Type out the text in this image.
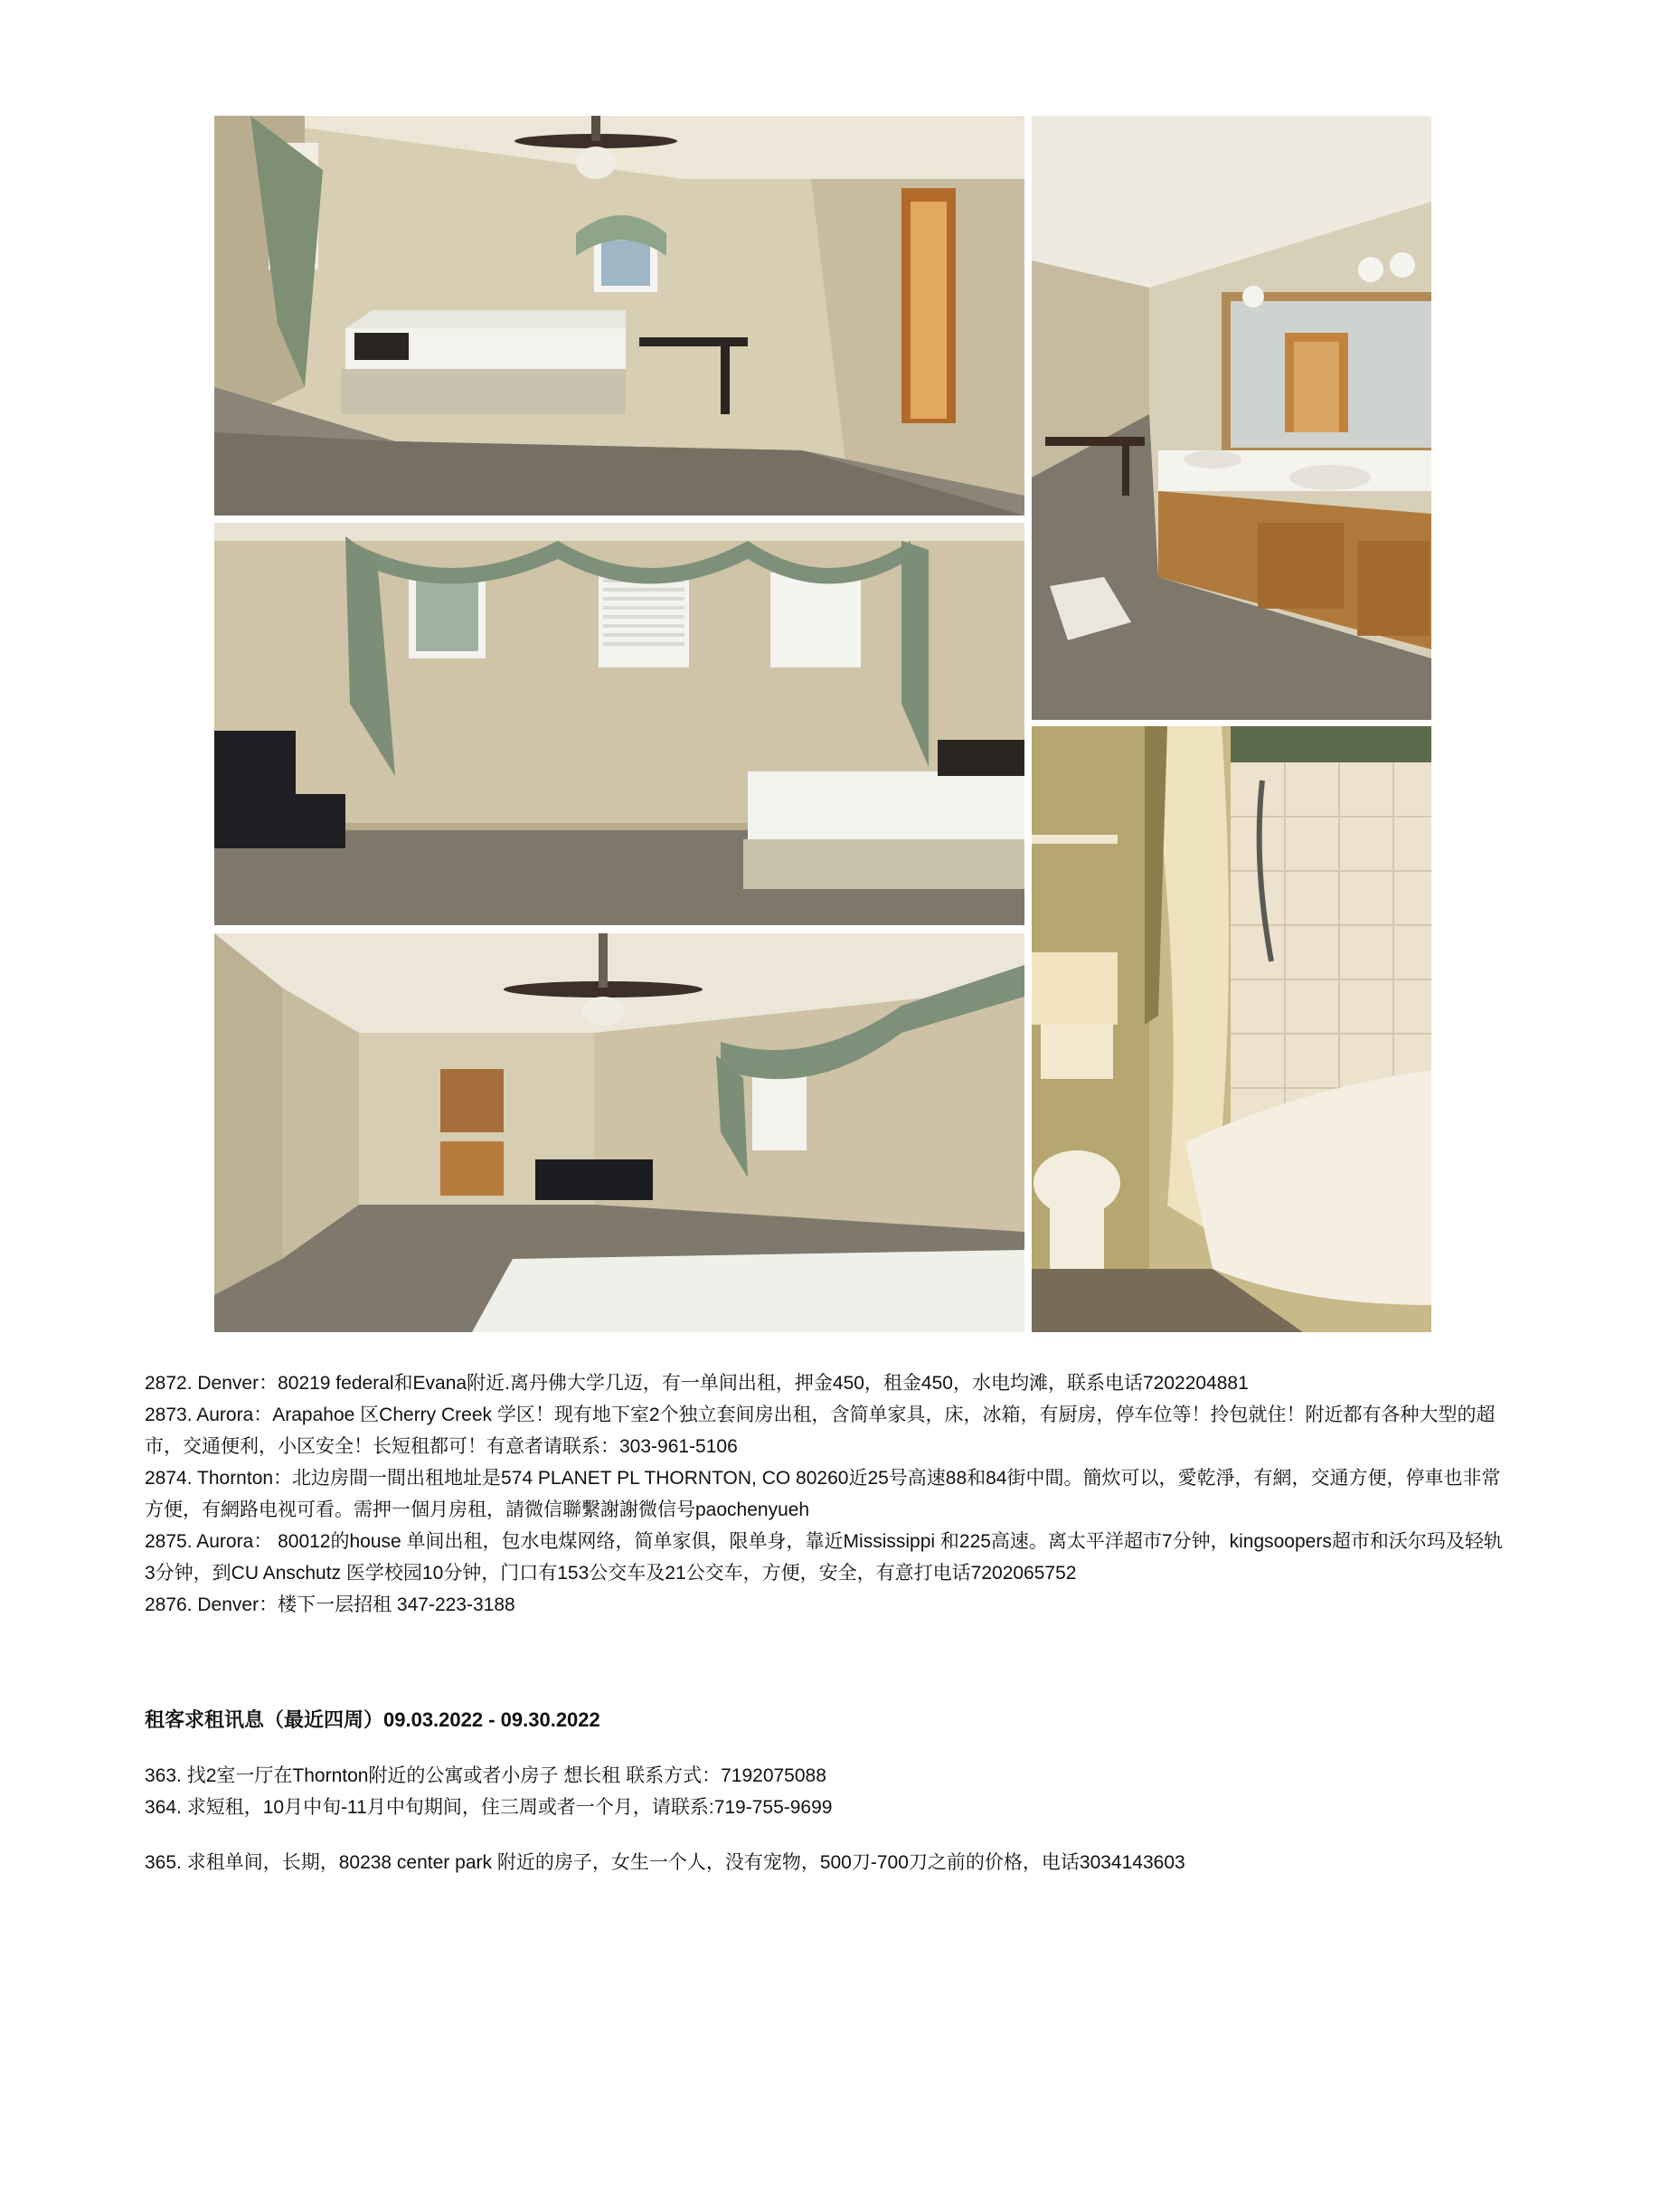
2872. Denver：80219 federal和Evana附近.离丹佛大学几迈，有一单间出租，押金450，租金450，水电均滩，联系电话7202204881

2873. Aurora：Arapahoe 区Cherry Creek 学区！现有地下室2个独立套间房出租，含简单家具，床，冰箱，有厨房，停车位等！拎包就住！附近都有各种大型的超市，交通便利，小区安全！长短租都可！有意者请联系：303-961-5106

2874. Thornton：北边房間一間出租地址是574 PLANET PL THORNTON, CO 80260近25号高速88和84街中間。簡炊可以，愛乾淨，有網，交通方便，停車也非常方便，有網路电视可看。需押一個月房租，請微信聯繫謝謝微信号paochenyueh

2875. Aurora： 80012的house 单间出租，包水电煤网络，简单家俱，限单身，靠近Mississippi 和225高速。离太平洋超市7分钟，kingsoopers超市和沃尔玛及轻轨3分钟，到CU Anschutz 医学校园10分钟，门口有153公交车及21公交车，方便，安全，有意打电话7202065752

2876. Denver：楼下一层招租 347-223-3188

租客求租讯息（最近四周）09.03.2022 - 09.30.2022

363. 找2室一厅在Thornton附近的公寓或者小房子 想长租 联系方式：7192075088

364. 求短租，10月中旬-11月中旬期间，住三周或者一个月，请联系:719-755-9699

365. 求租单间，长期，80238 center park 附近的房子，女生一个人，没有宠物，500刀-700刀之前的价格，电话3034143603
